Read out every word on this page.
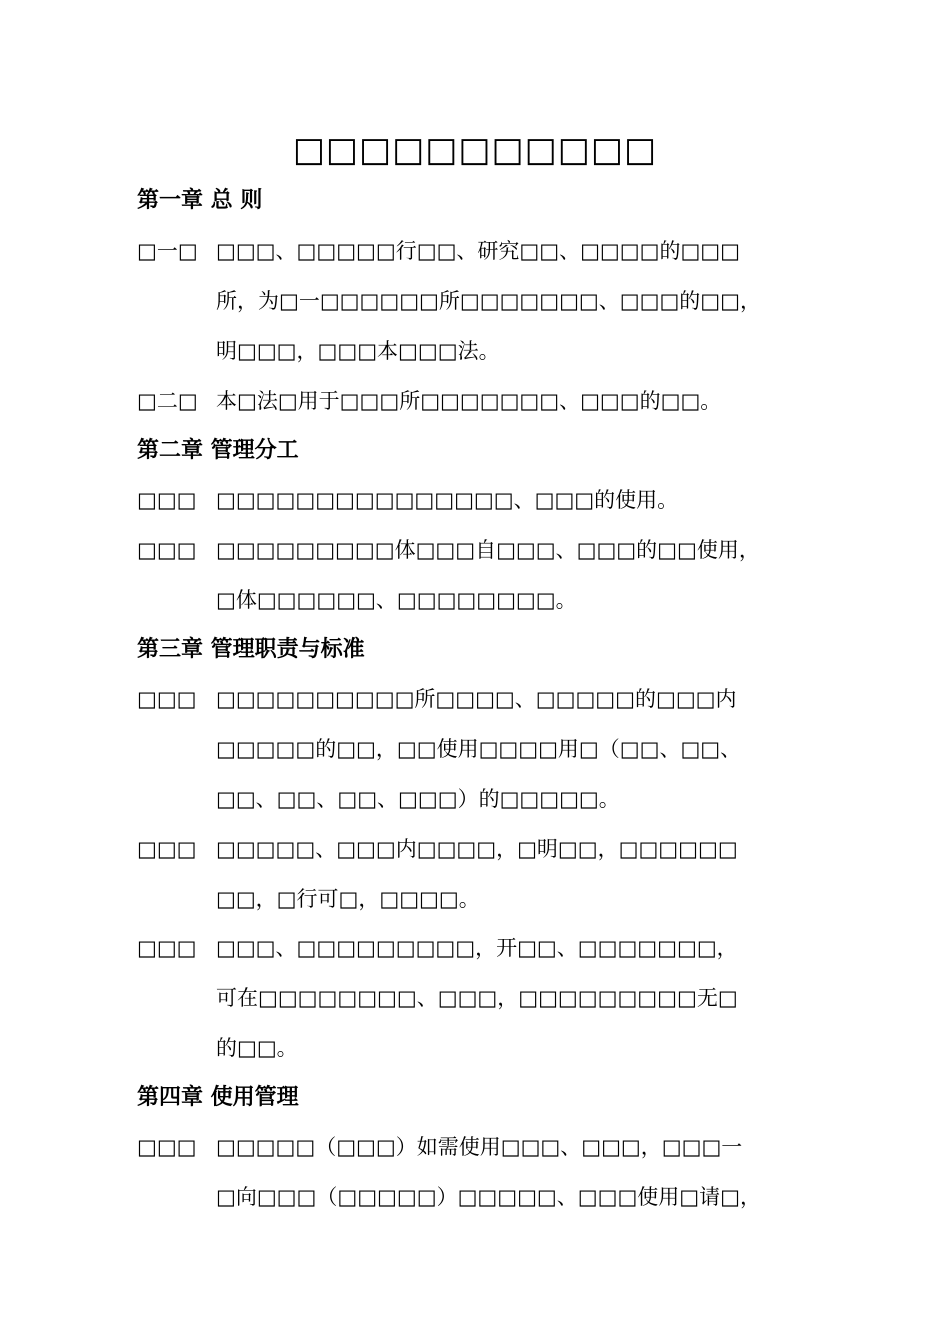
□□□□□□□□□□□
第一章 总 则
□一□ □□□、□□□□□行□□、研究□□、□□□□的□□□
所，为□一□□□□□□所□□□□□□□、□□□的□□，
明□□□，□□□本□□□法。
□二□ 本□法□用于□□□所□□□□□□□、□□□的□□。
第二章 管理分工
□□□ □□□□□□□□□□□□□□□、□□□的使用。
□□□ □□□□□□□□□体□□□自□□□、□□□的□□使用，
□体□□□□□□、□□□□□□□□。
第三章 管理职责与标准
□□□ □□□□□□□□□□所□□□□、□□□□□的□□□内
□□□□□的□□，□□使用□□□□用□（□□、□□、
□□、□□、□□、□□□）的□□□□□。
□□□ □□□□□、□□□内□□□□，□明□□，□□□□□□
□□，□行可□，□□□□。
□□□ □□□、□□□□□□□□□，开□□、□□□□□□□，
可在□□□□□□□□、□□□，□□□□□□□□□无□
的□□。
第四章 使用管理
□□□ □□□□□（□□□）如需使用□□□、□□□，□□□一
□向□□□（□□□□□）□□□□□、□□□使用□请□，
